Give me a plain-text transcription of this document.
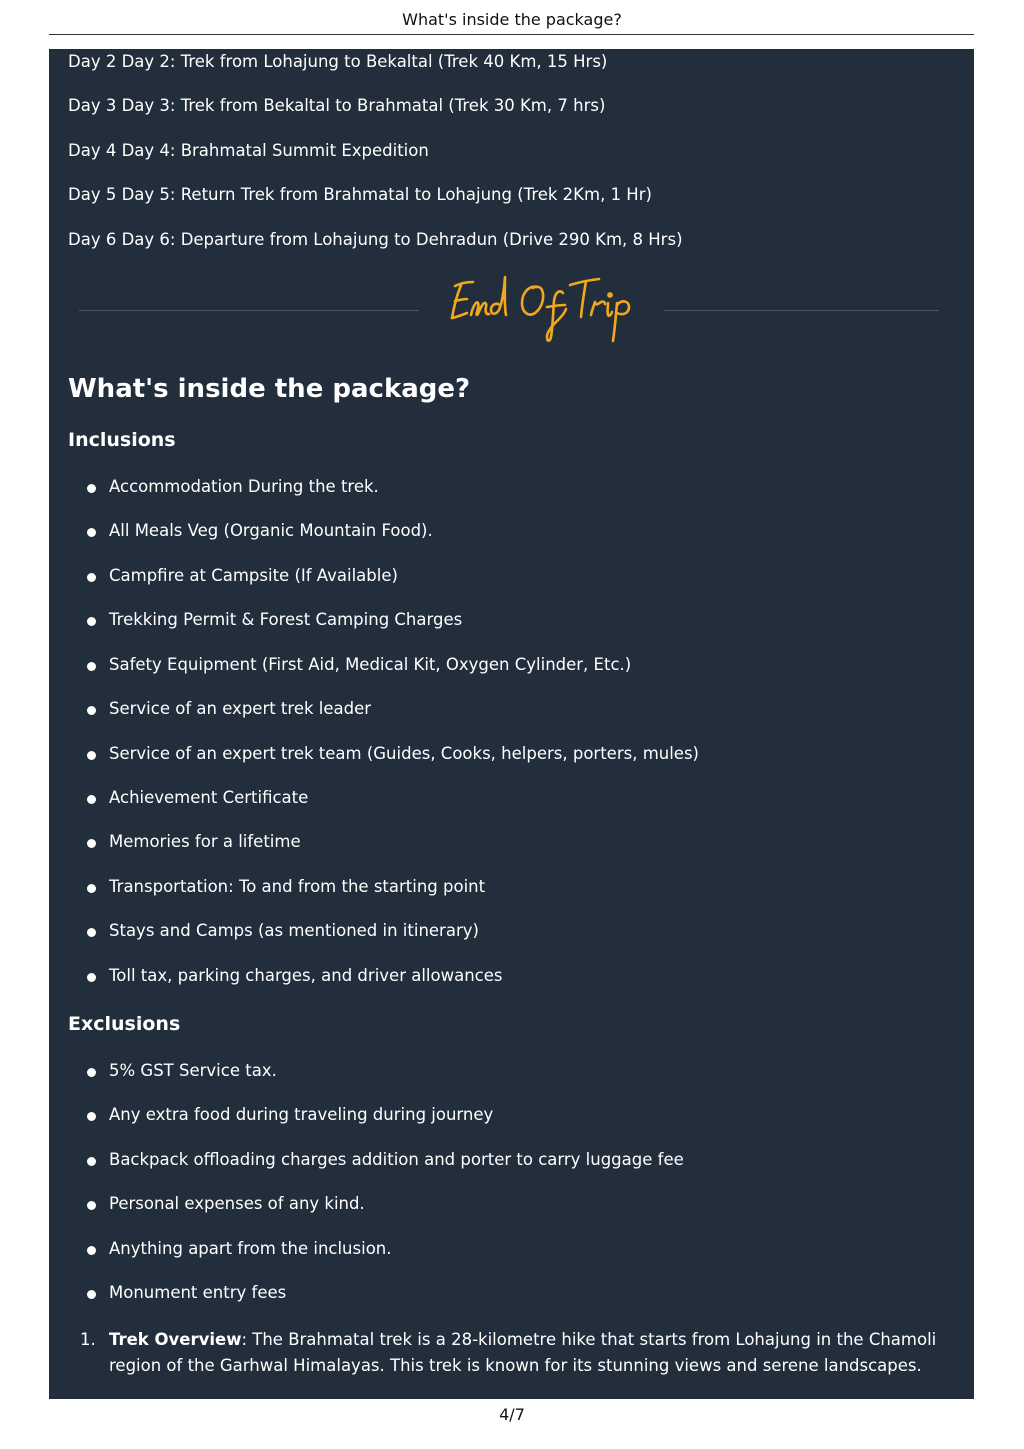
What's inside the package?
Day 2 Day 2: Trek from Lohajung to Bekaltal (Trek 40 Km, 15 Hrs)
Day 3 Day 3: Trek from Bekaltal to Brahmatal (Trek 30 Km, 7 hrs)
Day 4 Day 4: Brahmatal Summit Expedition
Day 5 Day 5: Return Trek from Brahmatal to Lohajung (Trek 2Km, 1 Hr)
Day 6 Day 6: Departure from Lohajung to Dehradun (Drive 290 Km, 8 Hrs)
End Of Trip
What's inside the package?
Inclusions
Accommodation During the trek.
All Meals Veg (Organic Mountain Food).
Campfire at Campsite (If Available)
Trekking Permit & Forest Camping Charges
Safety Equipment (First Aid, Medical Kit, Oxygen Cylinder, Etc.)
Service of an expert trek leader
Service of an expert trek team (Guides, Cooks, helpers, porters, mules)
Achievement Certificate
Memories for a lifetime
Transportation: To and from the starting point
Stays and Camps (as mentioned in itinerary)
Toll tax, parking charges, and driver allowances
Exclusions
5% GST Service tax.
Any extra food during traveling during journey
Backpack offloading charges addition and porter to carry luggage fee
Personal expenses of any kind.
Anything apart from the inclusion.
Monument entry fees
1. Trek Overview: The Brahmatal trek is a 28-kilometre hike that starts from Lohajung in the Chamoli region of the Garhwal Himalayas. This trek is known for its stunning views and serene landscapes.
4/7
